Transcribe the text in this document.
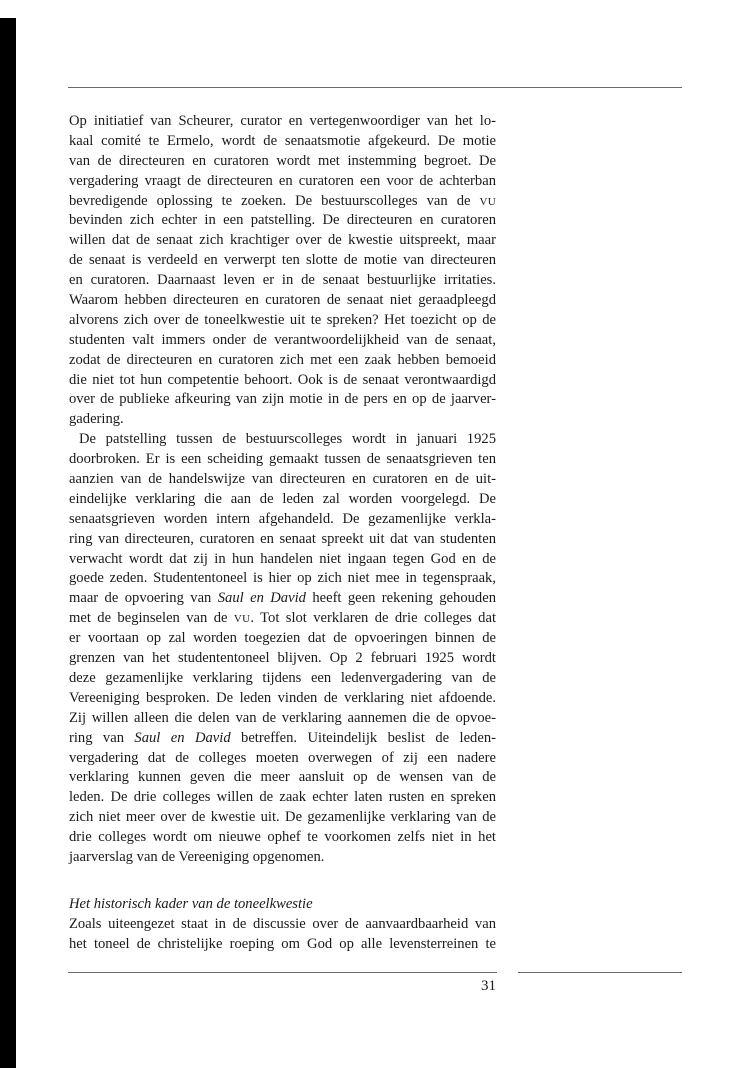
Op initiatief van Scheurer, curator en vertegenwoordiger van het lo-
kaal comité te Ermelo, wordt de senaatsmotie afgekeurd. De motie
van de directeuren en curatoren wordt met instemming begroet. De
vergadering vraagt de directeuren en curatoren een voor de achterban
bevredigende oplossing te zoeken. De bestuurscolleges van de VU
bevinden zich echter in een patstelling. De directeuren en curatoren
willen dat de senaat zich krachtiger over de kwestie uitspreekt, maar
de senaat is verdeeld en verwerpt ten slotte de motie van directeuren
en curatoren. Daarnaast leven er in de senaat bestuurlijke irritaties.
Waarom hebben directeuren en curatoren de senaat niet geraadpleegd
alvorens zich over de toneelkwestie uit te spreken? Het toezicht op de
studenten valt immers onder de verantwoordelijkheid van de senaat,
zodat de directeuren en curatoren zich met een zaak hebben bemoeid
die niet tot hun competentie behoort. Ook is de senaat verontwaardigd
over de publieke afkeuring van zijn motie in de pers en op de jaarver-
gadering.
De patstelling tussen de bestuurscolleges wordt in januari 1925
doorbroken. Er is een scheiding gemaakt tussen de senaatsgrieven ten
aanzien van de handelswijze van directeuren en curatoren en de uit-
eindelijke verklaring die aan de leden zal worden voorgelegd. De
senaatsgrieven worden intern afgehandeld. De gezamenlijke verkla-
ring van directeuren, curatoren en senaat spreekt uit dat van studenten
verwacht wordt dat zij in hun handelen niet ingaan tegen God en de
goede zeden. Studententoneel is hier op zich niet mee in tegenspraak,
maar de opvoering van Saul en David heeft geen rekening gehouden
met de beginselen van de VU. Tot slot verklaren de drie colleges dat
er voortaan op zal worden toegezien dat de opvoeringen binnen de
grenzen van het studententoneel blijven. Op 2 februari 1925 wordt
deze gezamenlijke verklaring tijdens een ledenvergadering van de
Vereeniging besproken. De leden vinden de verklaring niet afdoende.
Zij willen alleen die delen van de verklaring aannemen die de opvoe-
ring van Saul en David betreffen. Uiteindelijk beslist de leden-
vergadering dat de colleges moeten overwegen of zij een nadere
verklaring kunnen geven die meer aansluit op de wensen van de
leden. De drie colleges willen de zaak echter laten rusten en spreken
zich niet meer over de kwestie uit. De gezamenlijke verklaring van de
drie colleges wordt om nieuwe ophef te voorkomen zelfs niet in het
jaarverslag van de Vereeniging opgenomen.
Het historisch kader van de toneelkwestie
Zoals uiteengezet staat in de discussie over de aanvaardbaarheid van
het toneel de christelijke roeping om God op alle levensterreinen te
31
